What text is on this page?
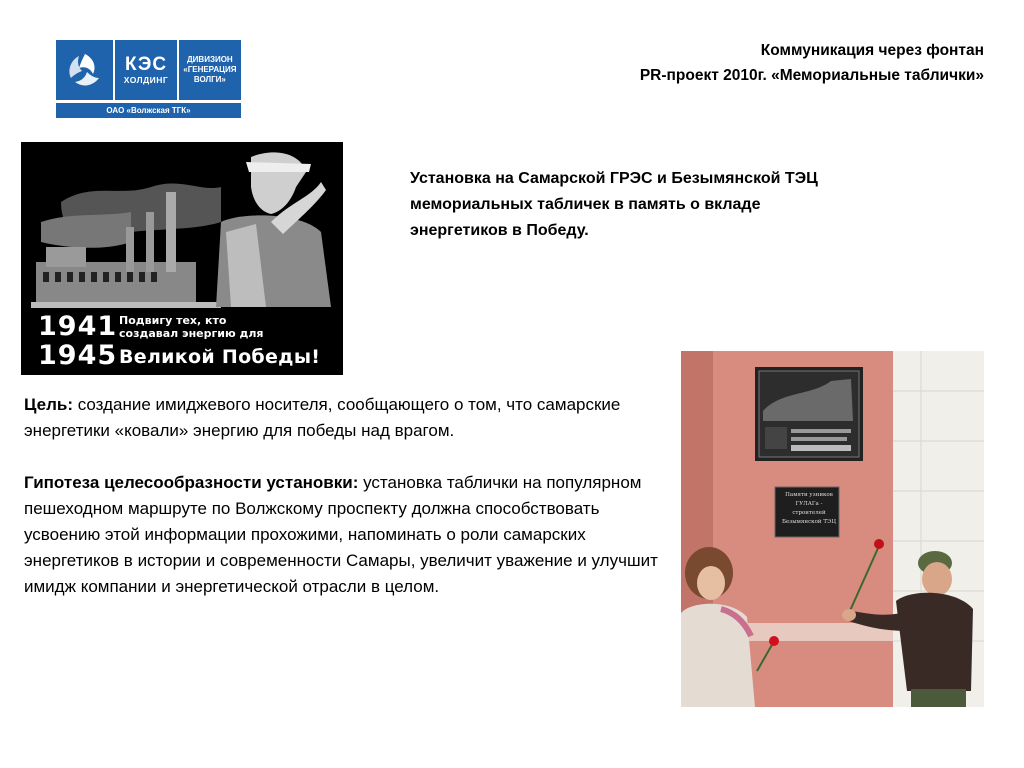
КЭС
ХОЛДИНГ
ДИВИЗИОН
«ГЕНЕРАЦИЯ
ВОЛГИ»
ОАО «Волжская ТГК»
Коммуникация через фонтан
PR-проект 2010г. «Мемориальные таблички»
1941
1945
Подвигу тех, кто
создавал энергию для
Великой Победы!
Установка на Самарской ГРЭС и Безымянской ТЭЦ
мемориальных табличек в память о вкладе
энергетиков в Победу.

Цель: создание имиджевого носителя, сообщающего о том, что самарские энергетики «ковали» энергию для победы над врагом.

Гипотеза целесообразности установки: установка таблички на популярном пешеходном маршруте по Волжскому проспекту должна способствовать усвоению этой информации прохожими, напоминать о роли самарских энергетиков в истории и современности Самары, увеличит уважение и улучшит имидж компании и энергетической отрасли в целом.

Памяти узников
ГУЛАГа - строителей
Безымянской ТЭЦ
